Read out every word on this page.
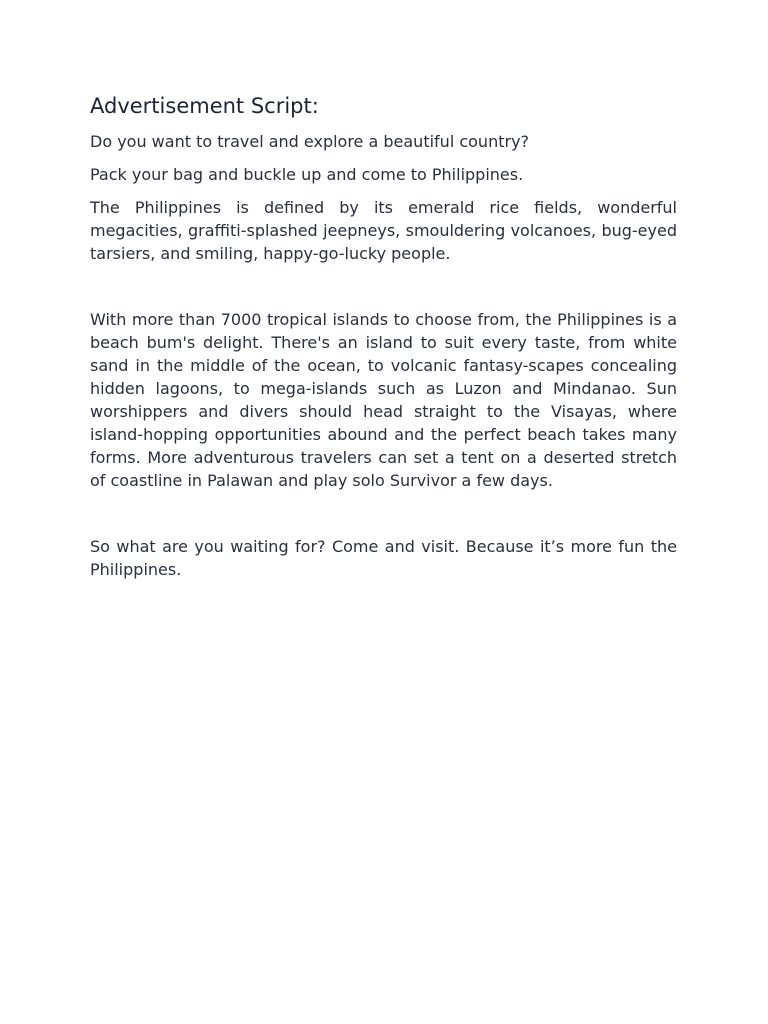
Advertisement Script:

Do you want to travel and explore a beautiful country?

Pack your bag and buckle up and come to Philippines.

The Philippines is defined by its emerald rice fields, wonderful megacities, graffiti-splashed jeepneys, smouldering volcanoes, bug-eyed tarsiers, and smiling, happy-go-lucky people.

With more than 7000 tropical islands to choose from, the Philippines is a beach bum's delight. There's an island to suit every taste, from white sand in the middle of the ocean, to volcanic fantasy-scapes concealing hidden lagoons, to mega-islands such as Luzon and Mindanao. Sun worshippers and divers should head straight to the Visayas, where island-hopping opportunities abound and the perfect beach takes many forms. More adventurous travelers can set a tent on a deserted stretch of coastline in Palawan and play solo Survivor a few days.

So what are you waiting for? Come and visit. Because it’s more fun the Philippines.
